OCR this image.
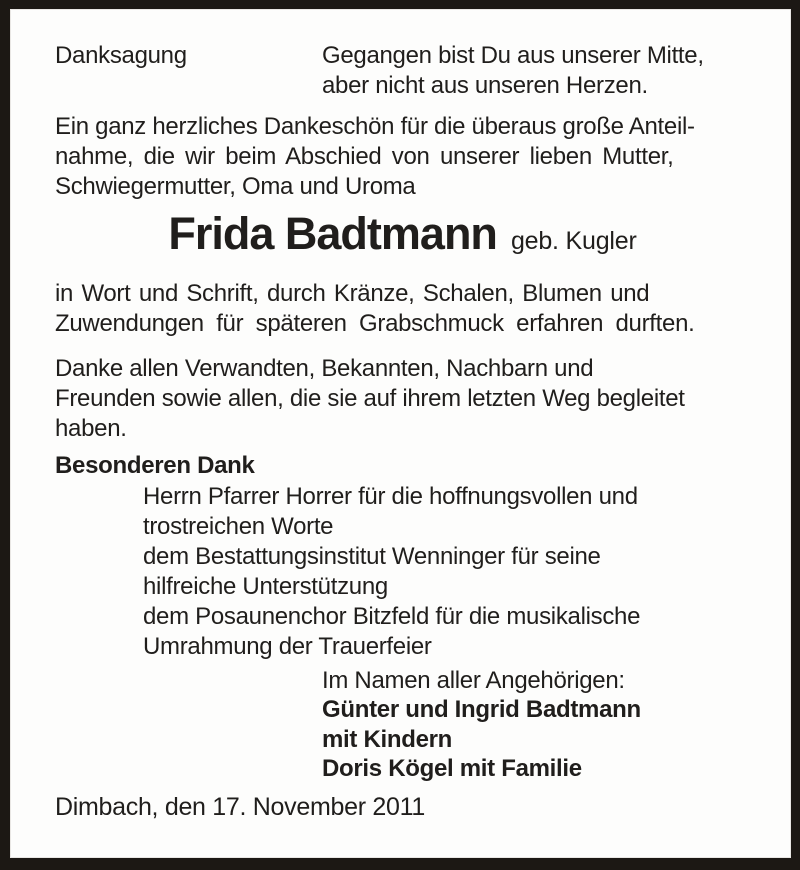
Danksagung	Gegangen bist Du aus unserer Mitte,
aber nicht aus unseren Herzen.
Ein ganz herzliches Dankeschön für die überaus große Anteil-
nahme, die wir beim Abschied von unserer lieben Mutter,
Schwiegermutter, Oma und Uroma
Frida Badtmann geb. Kugler
in Wort und Schrift, durch Kränze, Schalen, Blumen und
Zuwendungen für späteren Grabschmuck erfahren durften.
Danke allen Verwandten, Bekannten, Nachbarn und
Freunden sowie allen, die sie auf ihrem letzten Weg begleitet
haben.
Besonderen Dank
Herrn Pfarrer Horrer für die hoffnungsvollen und
trostreichen Worte
dem Bestattungsinstitut Wenninger für seine
hilfreiche Unterstützung
dem Posaunenchor Bitzfeld für die musikalische
Umrahmung der Trauerfeier
Im Namen aller Angehörigen:
Günter und Ingrid Badtmann
mit Kindern
Doris Kögel mit Familie
Dimbach, den 17. November 2011
